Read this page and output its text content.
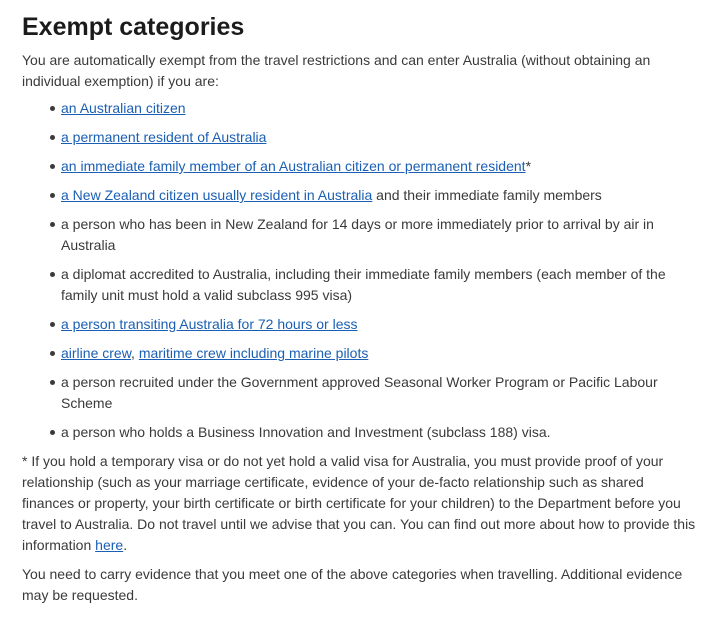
Exempt categories

You are automatically exempt from the travel restrictions and can enter Australia (without obtaining an individual exemption) if you are:

an Australian citizen
a permanent resident of Australia
an immediate family member of an Australian citizen or permanent resident*
a New Zealand citizen usually resident in Australia and their immediate family members
a person who has been in New Zealand for 14 days or more immediately prior to arrival by air in Australia
a diplomat accredited to Australia, including their immediate family members (each member of the family unit must hold a valid subclass 995 visa)
a person transiting Australia for 72 hours or less
airline crew, maritime crew including marine pilots
a person recruited under the Government approved Seasonal Worker Program or Pacific Labour Scheme
a person who holds a Business Innovation and Investment (subclass 188) visa.

* If you hold a temporary visa or do not yet hold a valid visa for Australia, you must provide proof of your relationship (such as your marriage certificate, evidence of your de-facto relationship such as shared finances or property, your birth certificate or birth certificate for your children) to the Department before you travel to Australia. Do not travel until we advise that you can. You can find out more about how to provide this information here.

You need to carry evidence that you meet one of the above categories when travelling. Additional evidence may be requested.
